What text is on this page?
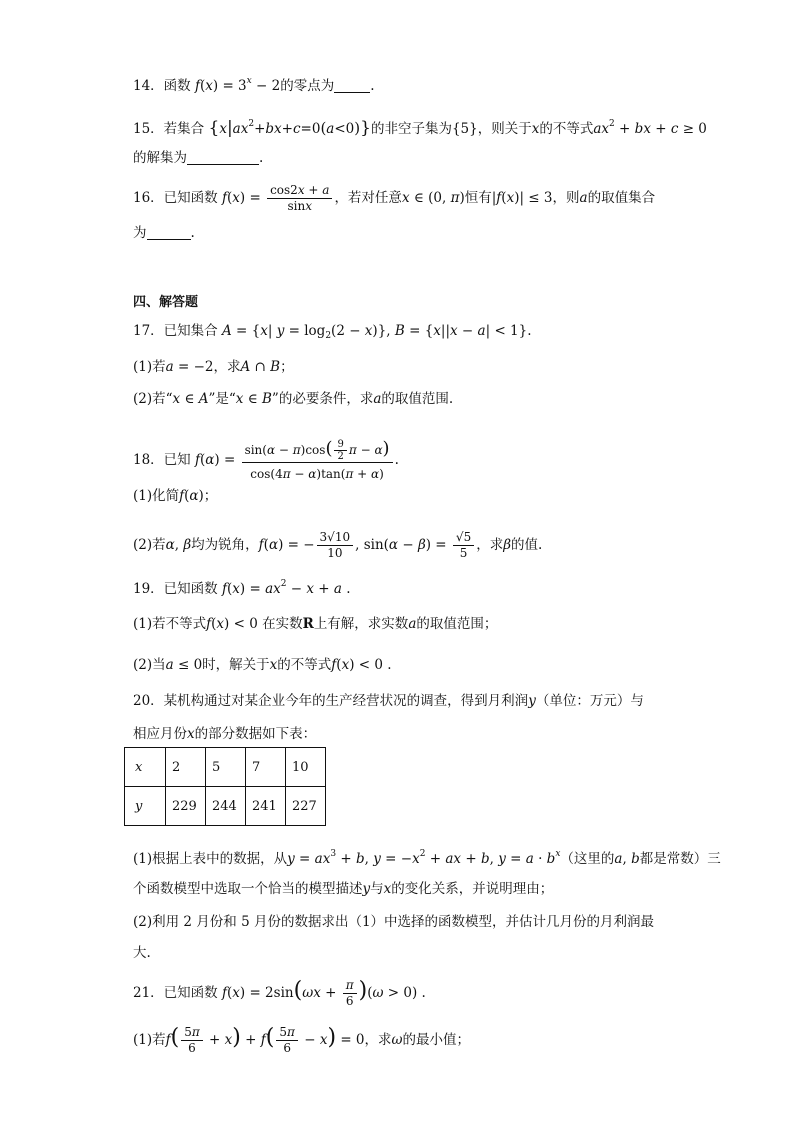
14．函数 $f(x) = 3^x - 2$的零点为	.
15．若集合 $\{x|ax^2+bx+c=0(a<0)\}$的非空子集为{5}，则关于x的不等式$ax^2$ + bx + c ≥ 0
的解集为	.
16．已知函数 $f(x) = \frac{\cos 2x + a}{\sin x}$ ，若对任意x ∈ (0, π)恒有|f(x)| ≤ 3，则a的取值集合
为	.
四、解答题
17．已知集合 A = {x| $y = \log_2(2 - x)$}, B = {x||x − a| < 1}.
(1)若a = −2，求A ∩ B；
(2)若“x ∈ A”是“x ∈ B”的必要条件，求a的取值范围.
18．已知 $f(\alpha) = \frac{\sin(\alpha - \pi)\cos( \frac{9}{2} \pi - \alpha)}{\cos(4\pi - \alpha)\tan(\pi + \alpha)}$ .
(1)化简f(α)；
(2)若α, β均为锐角，f(α) = − $\frac{3√10}{10}$ , $\sin(\alpha - \beta) = \frac{√5}{5}$ ，求β的值.
19．已知函数 $f(x) = ax^2 - x + a$ .
(1)若不等式f(x) < 0 在实数R上有解，求实数a的取值范围；
(2)当a ≤ 0时，解关于x的不等式f(x) < 0 .
20．某机构通过对某企业今年的生产经营状况的调查，得到月利润y（单位：万元）与
相应月份x的部分数据如下表：
x	2	5	7	10
y	229	244	241	227
(1)根据上表中的数据，从$y = ax^3 + b$, $y = -x^2$ + ax + b, $y = a \cdot b^x$（这里的a, b都是常数）三
个函数模型中选取一个恰当的模型描述y与x的变化关系，并说明理由；
(2)利用 2 月份和 5 月份的数据求出（1）中选择的函数模型，并估计几月份的月利润最
大.
21．已知函数 $f(x) = 2\sin(\omega x + \frac{\pi}{6} )(\omega > 0)$ .
(1)若$f( \frac{5\pi}{6} + x) + f( \frac{5\pi}{6} - x) = 0$，求ω的最小值；
